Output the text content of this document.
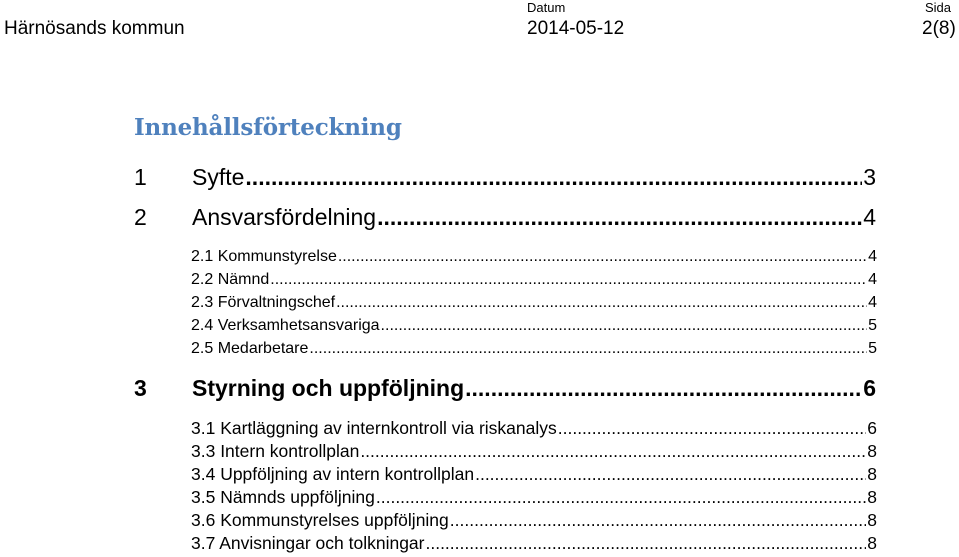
Härnösands kommun
Datum
2014-05-12
Sida
2(8)
Innehållsförteckning
1	Syfte .....	3
2	Ansvarsfördelning .....	4
2.1 Kommunstyrelse .....	4
2.2 Nämnd .....	4
2.3 Förvaltningschef .....	4
2.4 Verksamhetsansvariga .....	5
2.5 Medarbetare .....	5
3	Styrning och uppföljning .....	6
3.1 Kartläggning av internkontroll via riskanalys .....	6
3.3 Intern kontrollplan .....	8
3.4 Uppföljning av intern kontrollplan .....	8
3.5 Nämnds uppföljning .....	8
3.6 Kommunstyrelses uppföljning .....	8
3.7 Anvisningar och tolkningar .....	8
